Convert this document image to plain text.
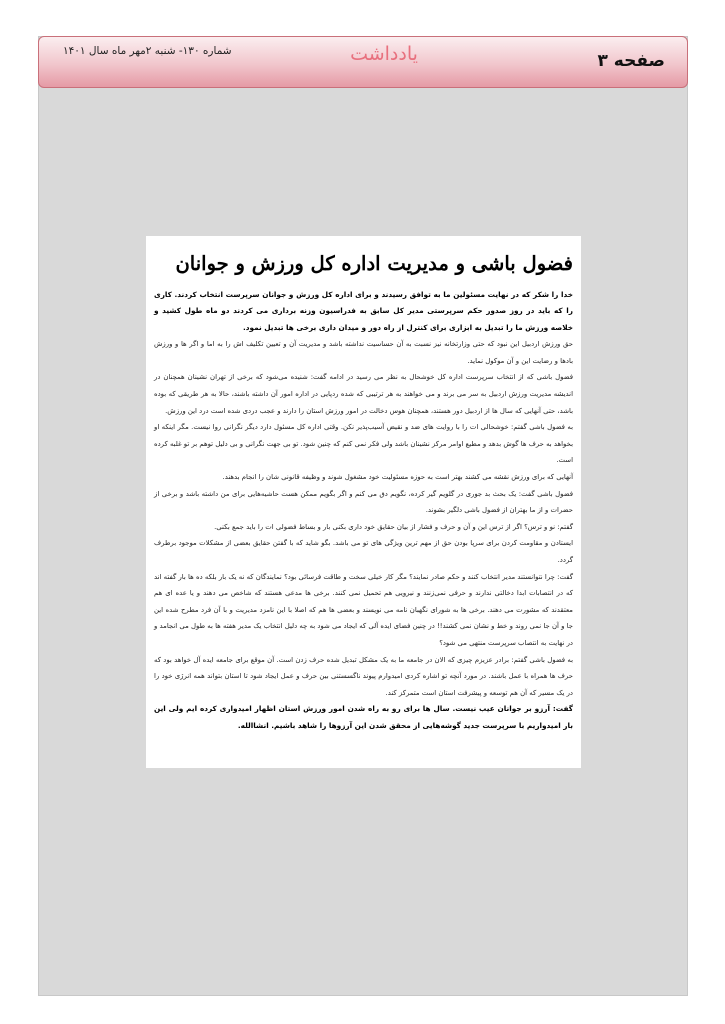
شماره ۱۳۰- شنبه ۲مهر ماه سال ۱۴۰۱	یادداشت	صفحه ۳
فضول باشی و مدیریت اداره کل ورزش و جوانان

خدا را شکر که در نهایت مسئولین ما به توافق رسیدند و برای اداره کل ورزش و جوانان سرپرست انتخاب کردند. کاری را که باید در روز صدور حکم سرپرستی مدیر کل سابق به فدراسیون وزنه برداری می کردند دو ماه طول کشید و خلاصه ورزش ما را تبدیل به ابزاری برای کنترل از راه دور و میدان داری برخی ها تبدیل نمود.

حق ورزش اردبیل این نبود که حتی وزارتخانه نیز نسبت به آن حساسیت نداشته باشد و مدیریت آن و تعیین تکلیف اش را به اما و اگر ها و ورزش بادها و رضایت این و آن موکول نماید.

فضول باشی که از انتخاب سرپرست اداره کل خوشحال به نظر می رسید در ادامه گفت: شنیده می‌شود که برخی از تهران نشینان همچنان در اندیشه مدیریت ورزش اردبیل به سر می برند و می خواهند به هر ترتیبی که شده ردپایی در اداره امور آن داشته باشند، حالا به هر طریقی که بوده باشد، حتی آنهایی که سال ها از اردبیل دور هستند، همچنان هوس دخالت در امور ورزش استان را دارند و عجب دردی شده است درد این ورزش.

به فضول باشی گفتم: خوشحالی ات را با روایت های ضد و نقیض آسیب‌پذیر نکن. وقتی اداره کل مسئول دارد دیگر نگرانی روا نیست. مگر اینکه او بخواهد به حرف ها گوش بدهد و مطیع اوامر مرکز نشینان باشد ولی فکر نمی کنم که چنین شود. تو بی جهت نگرانی و بی دلیل توهم بر تو غلبه کرده است.

آنهایی که برای ورزش نقشه می کشند بهتر است به حوزه مسئولیت خود مشغول شوند و وظیفه قانونی شان را انجام بدهند.

فضول باشی گفت: یک بحث بد جوری در گلویم گیر کرده، نگویم دق می کنم و اگر بگویم ممکن هست حاشیه‌هایی برای من داشته باشد و برخی از حضرات و از ما بهتران از فضول باشی دلگیر بشوند.

گفتم: نو و ترس؟ اگر از ترس این و آن و حرف و فشار از بیان حقایق خود داری بکنی بار و بساط فضولی ات را باید جمع بکنی.

ایستادن و مقاومت کردن برای سرپا بودن حق از مهم ترین ویژگی های تو می باشد. بگو شاید که با گفتن حقایق بعضی از مشکلات موجود برطرف گردد.

گفت: چرا نتوانستند مدیر انتخاب کنند و حکم صادر نمایند؟ مگر کار خیلی سخت و طاقت فرسائی بود؟ نمایندگان که نه یک بار بلکه ده ها بار گفته اند که در انتصابات ابدا دخالتی ندارند و حرفی نمی‌زنند و نیرویی هم تحمیل نمی کنند. برخی ها مدعی هستند که شاخص می دهند و یا عده ای هم معتقدند که مشورت می دهند. برخی ها به شورای نگهبان نامه می نویسند و بعضی ها هم که اصلا با این نامزد مدیریت و با آن فرد مطرح شده این جا و آن جا نمی روند و خط و نشان نمی کشند!! در چنین فضای ایده آلی که ایجاد می شود به چه دلیل انتخاب یک مدیر هفته ها به طول می انجامد و در نهایت به انتصاب سرپرست منتهی می شود؟

به فضول باشی گفتم: برادر عزیزم چیزی که الان در جامعه ما به یک مشکل تبدیل شده حرف زدن است. آن موقع برای جامعه ایده آل خواهد بود که حرف ها همراه با عمل باشند. در مورد آنچه تو اشاره کردی امیدوارم پیوند ناگسستنی بین حرف و عمل ایجاد شود تا استان بتواند همه انرژی خود را در یک مسیر که آن هم توسعه و پیشرفت استان است متمرکز کند.

گفت: آرزو بر جوانان عیب نیست. سال ها برای رو به راه شدن امور ورزش استان اظهار امیدواری کرده ایم ولی این بار امیدواریم با سرپرست جدید گوشه‌هایی از محقق شدن این آرزوها را شاهد باشیم. انشاالله.
